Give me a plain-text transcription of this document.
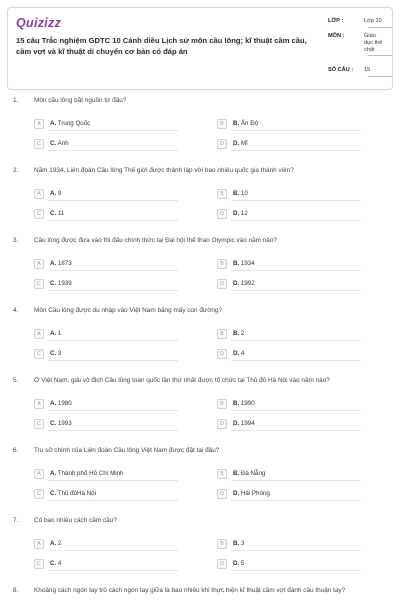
Quizizz
15 câu Trắc nghiệm GDTC 10 Cánh diều Lịch sử môn cầu lông; kĩ thuật cầm cầu, cầm vợt và kĩ thuật di chuyển cơ bản có đáp án
LỚP :	Lớp 10
MÔN :	Giáo
dục thể
chất
SỐ CÂU : 15
1. Môn cầu lông bắt nguồn từ đâu?
A	A. Trung Quốc	B	B. Ấn Độ
C	C. Anh	D	D. Mĩ
2. Năm 1934, Liên đoàn Cầu lông Thế giới được thành lập với bao nhiêu quốc gia thành viên?
A	A. 9	B	B. 10
C	C. 11	D	D. 12
3. Cầu lông được đưa vào thi đấu chính thức tại Đại hội thể thao Olympic vào năm nào?
A	A. 1873	B	B. 1934
C	C. 1939	D	D. 1992
4. Môn Cầu lông được du nhập vào Việt Nam bằng mấy con đường?
A	A. 1	B	B. 2
C	C. 3	D	D. 4
5. Ở Việt Nam, giải vô địch Cầu lông toàn quốc lần thứ nhất được tổ chức tại Thủ đô Hà Nội vào năm nào?
A	A. 1980	B	B. 1990
C	C. 1993	D	D. 1994
6. Trụ sở chính của Liên đoàn Cầu lông Việt Nam được đặt tại đâu?
A	A. Thành phố Hồ Chí Minh	B	B. Đà Nẵng
C	C. Thủ đôHà Nội	D	D. Hải Phòng
7. Có bao nhiêu cách cầm cầu?
A	A. 2	B	B. 3
C	C. 4	D	D. 5
8. Khoảng cách ngón tay trỏ cách ngón tay giữa là bao nhiêu khi thực hiện kĩ thuật cầm vợt đánh cầu thuận tay?
